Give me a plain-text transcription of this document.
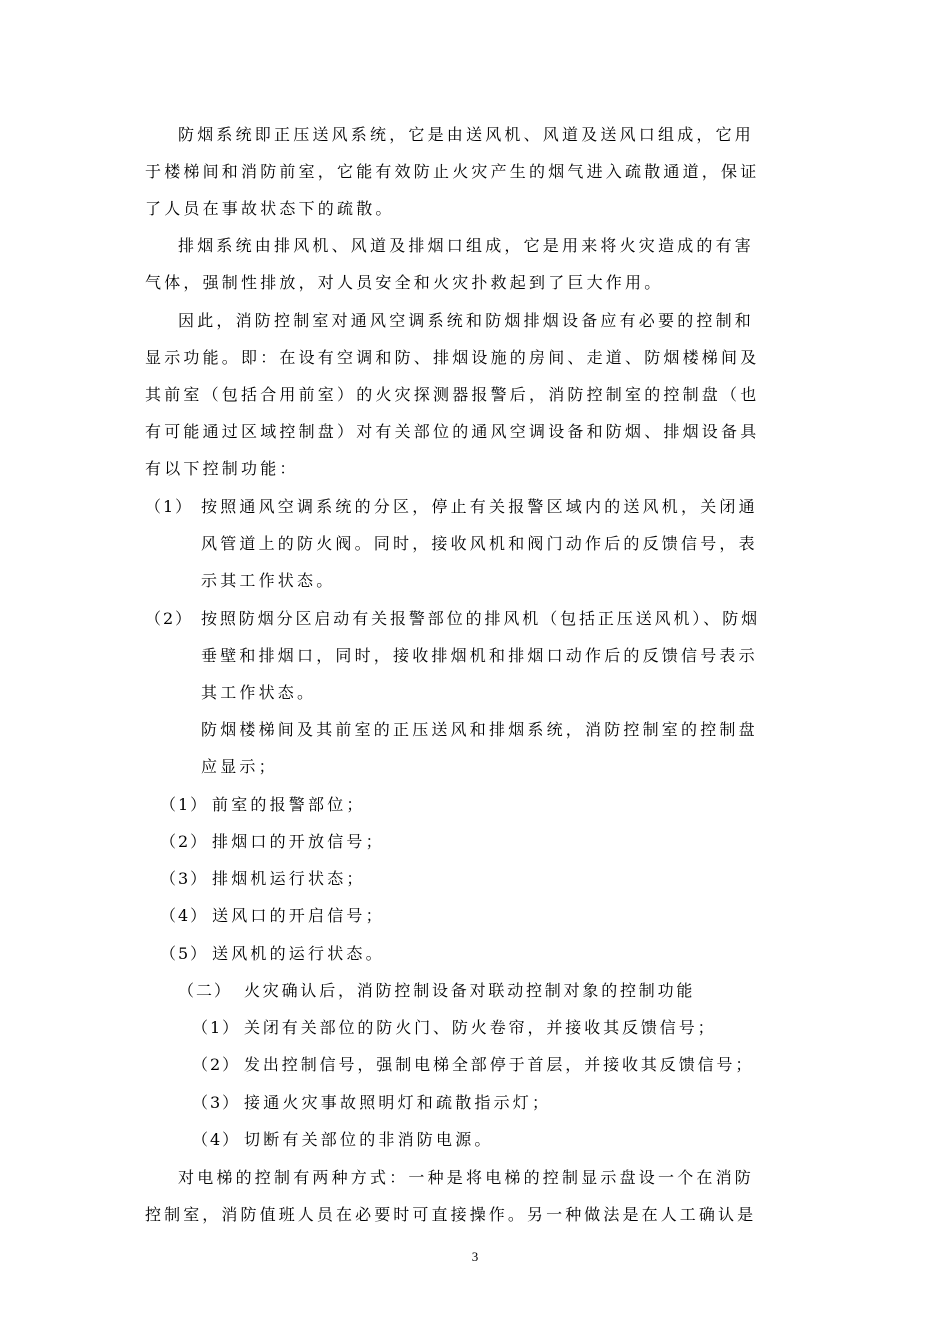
防烟系统即正压送风系统，它是由送风机、风道及送风口组成，它用
于楼梯间和消防前室，它能有效防止火灾产生的烟气进入疏散通道，保证
了人员在事故状态下的疏散。
排烟系统由排风机、风道及排烟口组成，它是用来将火灾造成的有害
气体，强制性排放，对人员安全和火灾扑救起到了巨大作用。
因此，消防控制室对通风空调系统和防烟排烟设备应有必要的控制和
显示功能。即：在设有空调和防、排烟设施的房间、走道、防烟楼梯间及
其前室（包括合用前室）的火灾探测器报警后，消防控制室的控制盘（也
有可能通过区域控制盘）对有关部位的通风空调设备和防烟、排烟设备具
有以下控制功能：
（1） 按照通风空调系统的分区，停止有关报警区域内的送风机，关闭通
风管道上的防火阀。同时，接收风机和阀门动作后的反馈信号，表
示其工作状态。
（2） 按照防烟分区启动有关报警部位的排风机（包括正压送风机）、防烟
垂壁和排烟口，同时，接收排烟机和排烟口动作后的反馈信号表示
其工作状态。
防烟楼梯间及其前室的正压送风和排烟系统，消防控制室的控制盘
应显示；
（1） 前室的报警部位；
（2） 排烟口的开放信号；
（3） 排烟机运行状态；
（4） 送风口的开启信号；
（5） 送风机的运行状态。
（二） 火灾确认后，消防控制设备对联动控制对象的控制功能
（1） 关闭有关部位的防火门、防火卷帘，并接收其反馈信号；
（2） 发出控制信号，强制电梯全部停于首层，并接收其反馈信号；
（3） 接通火灾事故照明灯和疏散指示灯；
（4） 切断有关部位的非消防电源。
对电梯的控制有两种方式：一种是将电梯的控制显示盘设一个在消防
控制室，消防值班人员在必要时可直接操作。另一种做法是在人工确认是
3
